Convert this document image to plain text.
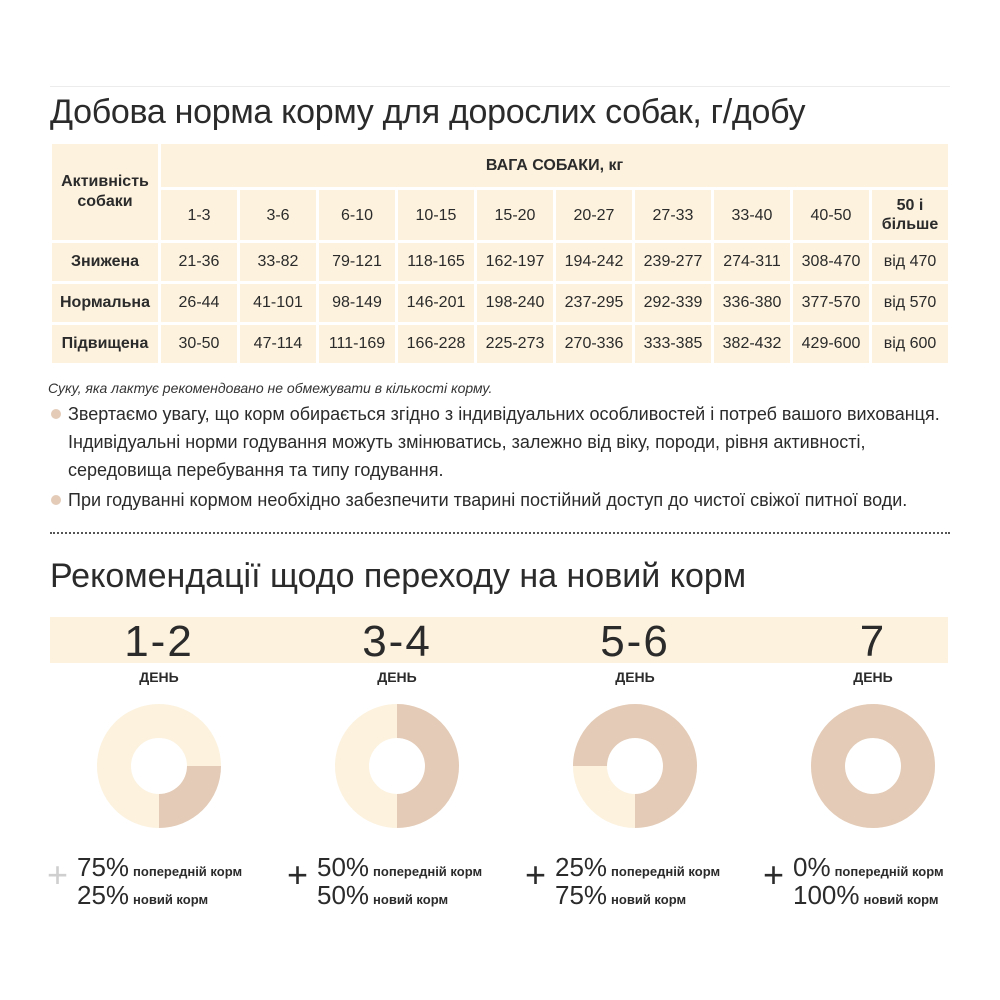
Добова норма корму для дорослих собак, г/добу
Активність собаки	ВАГА СОБАКИ, кг									
	1-3	3-6	6-10	10-15	15-20	20-27	27-33	33-40	40-50	50 і більше
Знижена	21-36	33-82	79-121	118-165	162-197	194-242	239-277	274-311	308-470	від 470
Нормальна	26-44	41-101	98-149	146-201	198-240	237-295	292-339	336-380	377-570	від 570
Підвищена	30-50	47-114	111-169	166-228	225-273	270-336	333-385	382-432	429-600	від 600
Суку, яка лактує рекомендовано не обмежувати в кількості корму.
Звертаємо увагу, що корм обирається згідно з індивідуальних особливостей і потреб вашого вихованця. Індивідуальні норми годування можуть змінюватись, залежно від віку, породи, рівня активності, середовища перебування та типу годування.
При годуванні кормом необхідно забезпечити тварині постійний доступ до чистої свіжої питної води.
Рекомендації щодо переходу на новий корм
1-2
ДЕНЬ
+ 75% попередній корм
25% новий корм
3-4
ДЕНЬ
+ 50% попередній корм
50% новий корм
5-6
ДЕНЬ
+ 25% попередній корм
75% новий корм
7
ДЕНЬ
+ 0% попередній корм
100% новий корм
